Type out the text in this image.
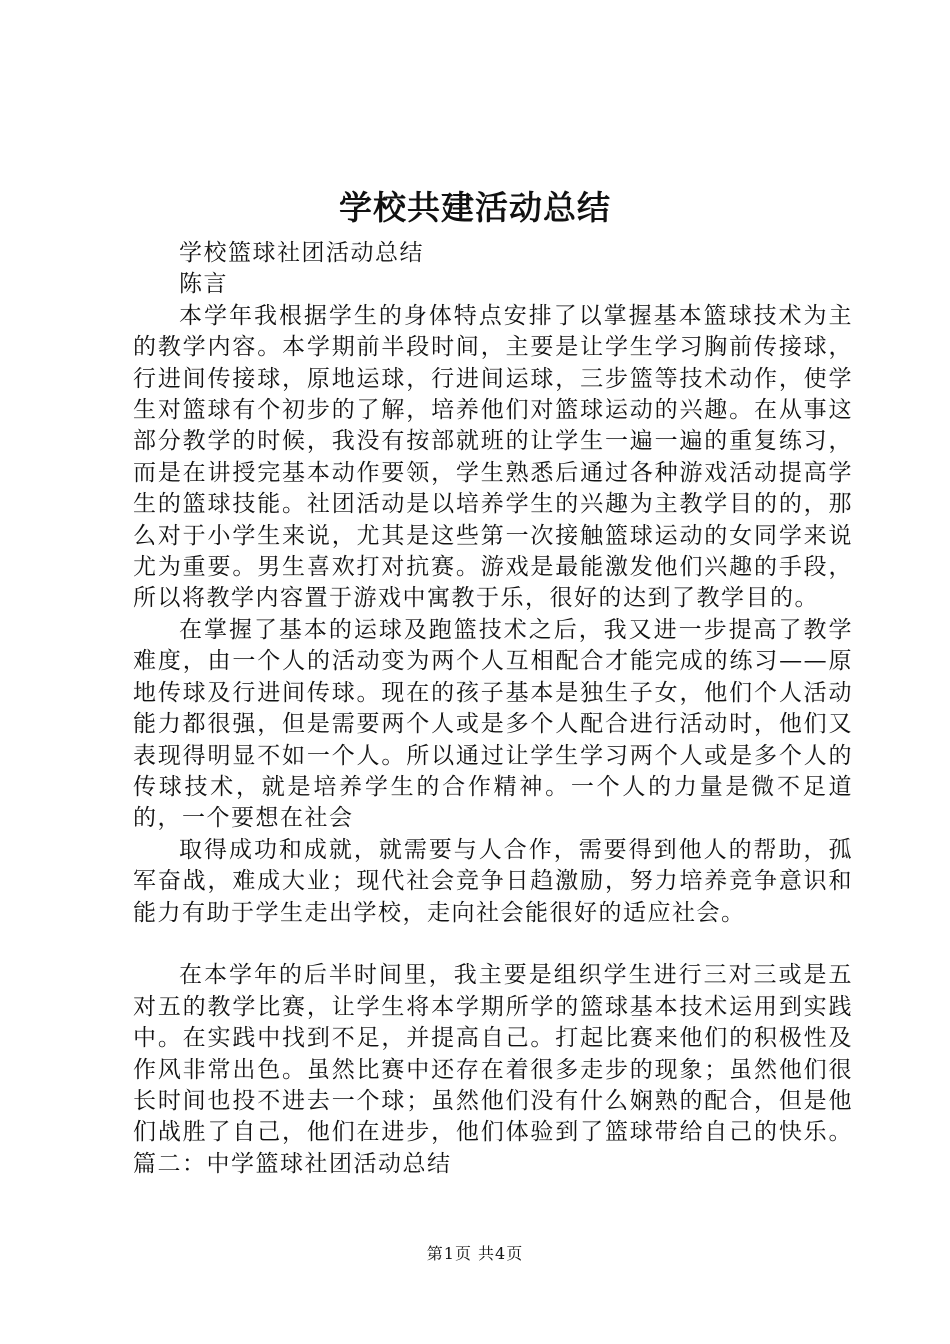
学校共建活动总结

学校篮球社团活动总结

陈言

本学年我根据学生的身体特点安排了以掌握基本篮球技术为主的教学内容。本学期前半段时间，主要是让学生学习胸前传接球，行进间传接球，原地运球，行进间运球，三步篮等技术动作，使学生对篮球有个初步的了解，培养他们对篮球运动的兴趣。在从事这部分教学的时候，我没有按部就班的让学生一遍一遍的重复练习，而是在讲授完基本动作要领，学生熟悉后通过各种游戏活动提高学生的篮球技能。社团活动是以培养学生的兴趣为主教学目的的，那么对于小学生来说，尤其是这些第一次接触篮球运动的女同学来说尤为重要。男生喜欢打对抗赛。游戏是最能激发他们兴趣的手段，所以将教学内容置于游戏中寓教于乐，很好的达到了教学目的。

在掌握了基本的运球及跑篮技术之后，我又进一步提高了教学难度，由一个人的活动变为两个人互相配合才能完成的练习——原地传球及行进间传球。现在的孩子基本是独生子女，他们个人活动能力都很强，但是需要两个人或是多个人配合进行活动时，他们又表现得明显不如一个人。所以通过让学生学习两个人或是多个人的传球技术，就是培养学生的合作精神。一个人的力量是微不足道的，一个要想在社会

取得成功和成就，就需要与人合作，需要得到他人的帮助，孤军奋战，难成大业；现代社会竞争日趋激励，努力培养竞争意识和能力有助于学生走出学校，走向社会能很好的适应社会。

在本学年的后半时间里，我主要是组织学生进行三对三或是五对五的教学比赛，让学生将本学期所学的篮球基本技术运用到实践中。在实践中找到不足，并提高自己。打起比赛来他们的积极性及作风非常出色。虽然比赛中还存在着很多走步的现象；虽然他们很长时间也投不进去一个球；虽然他们没有什么娴熟的配合，但是他们战胜了自己，他们在进步，他们体验到了篮球带给自己的快乐。篇二：中学篮球社团活动总结

第1页 共4页
